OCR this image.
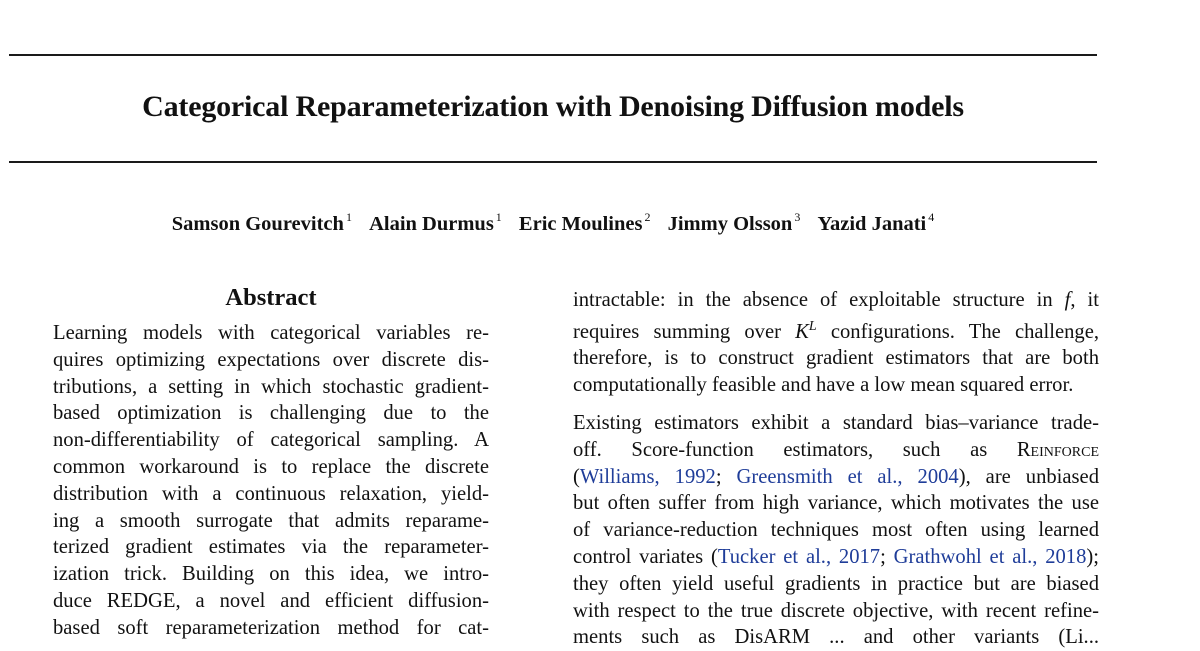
Categorical Reparameterization with Denoising Diffusion models
Samson Gourevitch $^1$ Alain Durmus $^1$ Eric Moulines $^2$ Jimmy Olsson $^3$ Yazid Janati $^4$
Abstract
Learning models with categorical variables re-
quires optimizing expectations over discrete dis-
tributions, a setting in which stochastic gradient-
based optimization is challenging due to the
non-differentiability of categorical sampling. A
common workaround is to replace the discrete
distribution with a continuous relaxation, yield-
ing a smooth surrogate that admits reparame-
terized gradient estimates via the reparameter-
ization trick. Building on this idea, we intro-
duce REDGE, a novel and efficient diffusion-
based soft reparameterization method for cat-
intractable: in the absence of exploitable structure in f, it
requires summing over $K^L$ configurations. The challenge,
therefore, is to construct gradient estimators that are both
computationally feasible and have a low mean squared error.
Existing estimators exhibit a standard bias–variance trade-
off. Score-function estimators, such as Reinforce
(Williams, 1992; Greensmith et al., 2004), are unbiased
but often suffer from high variance, which motivates the use
of variance-reduction techniques most often using learned
control variates (Tucker et al., 2017; Grathwohl et al., 2018);
they often yield useful gradients in practice but are biased
with respect to the true discrete objective, with recent refine-
ments such as DisARM ... and other variants (Li...
